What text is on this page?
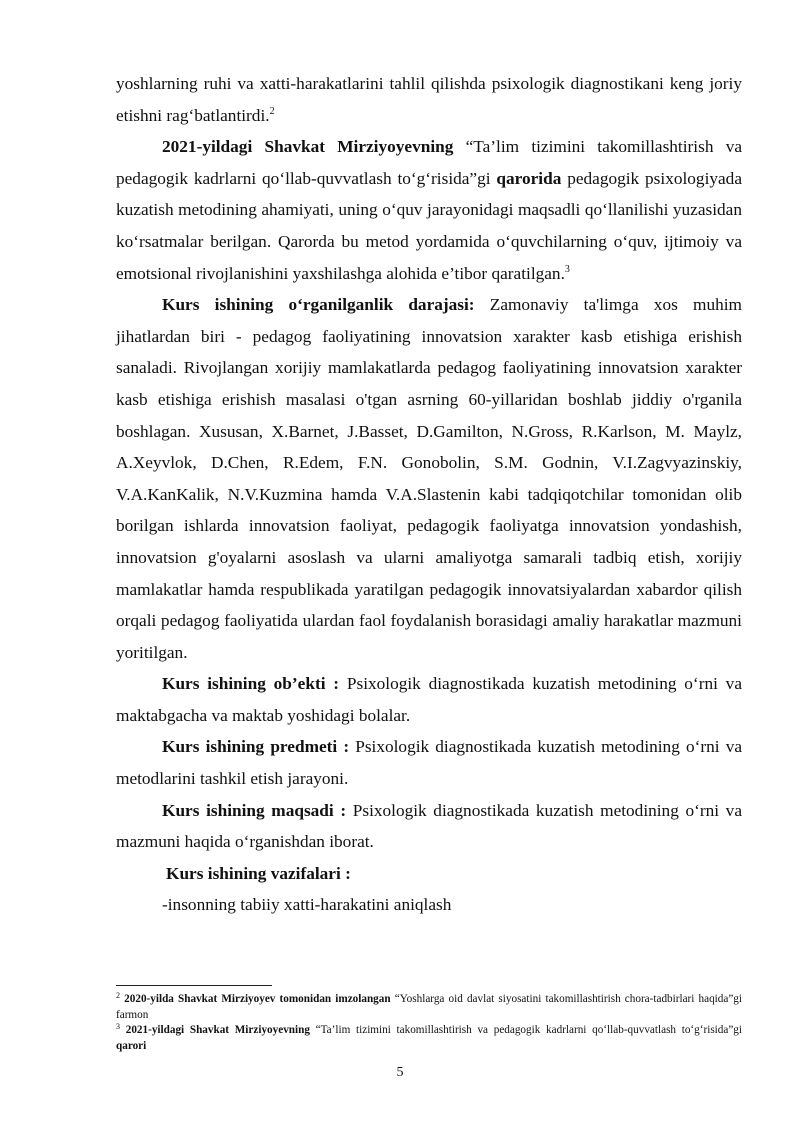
yoshlarning ruhi va xatti-harakatlarini tahlil qilishda psixologik diagnostikani keng joriy etishni rag‘batlantirdi.$^2$

2021-yildagi Shavkat Mirziyoyevning “Ta’lim tizimini takomillashtirish va pedagogik kadrlarni qo‘llab-quvvatlash to‘g‘risida”gi qarorida pedagogik psixologiyada kuzatish metodining ahamiyati, uning o‘quv jarayonidagi maqsadli qo‘llanilishi yuzasidan ko‘rsatmalar berilgan. Qarorda bu metod yordamida o‘quvchilarning o‘quv, ijtimoiy va emotsional rivojlanishini yaxshilashga alohida e’tibor qaratilgan.$^3$

Kurs ishining o‘rganilganlik darajasi: Zamonaviy ta'limga xos muhim jihatlardan biri - pedagog faoliyatining innovatsion xarakter kasb etishiga erishish sanaladi. Rivojlangan xorijiy mamlakatlarda pedagog faoliyatining innovatsion xarakter kasb etishiga erishish masalasi o'tgan asrning 60-yillaridan boshlab jiddiy o'rganila boshlagan. Xususan, X.Barnet, J.Basset, D.Gamilton, N.Gross, R.Karlson, M. Maylz, A.Xeyvlok, D.Chen, R.Edem, F.N. Gonobolin, S.M. Godnin, V.I.Zagvyazinskiy, V.A.KanKalik, N.V.Kuzmina hamda V.A.Slastenin kabi tadqiqotchilar tomonidan olib borilgan ishlarda innovatsion faoliyat, pedagogik faoliyatga innovatsion yondashish, innovatsion g'oyalarni asoslash va ularni amaliyotga samarali tadbiq etish, xorijiy mamlakatlar hamda respublikada yaratilgan pedagogik innovatsiyalardan xabardor qilish orqali pedagog faoliyatida ulardan faol foydalanish borasidagi amaliy harakatlar mazmuni yoritilgan.

Kurs ishining ob’ekti : Psixologik diagnostikada kuzatish metodining o‘rni va maktabgacha va maktab yoshidagi bolalar.

Kurs ishining predmeti : Psixologik diagnostikada kuzatish metodining o‘rni va metodlarini tashkil etish jarayoni.

Kurs ishining maqsadi : Psixologik diagnostikada kuzatish metodining o‘rni va mazmuni haqida o‘rganishdan iborat.

Kurs ishining vazifalari :

-insonning tabiiy xatti-harakatini aniqlash

$^2$ 2020-yilda Shavkat Mirziyoyev tomonidan imzolangan “Yoshlarga oid davlat siyosatini takomillashtirish chora-tadbirlari haqida”gi farmon

$^3$ 2021-yildagi Shavkat Mirziyoyevning “Ta’lim tizimini takomillashtirish va pedagogik kadrlarni qo‘llab-quvvatlash to‘g‘risida”gi qarori

5
